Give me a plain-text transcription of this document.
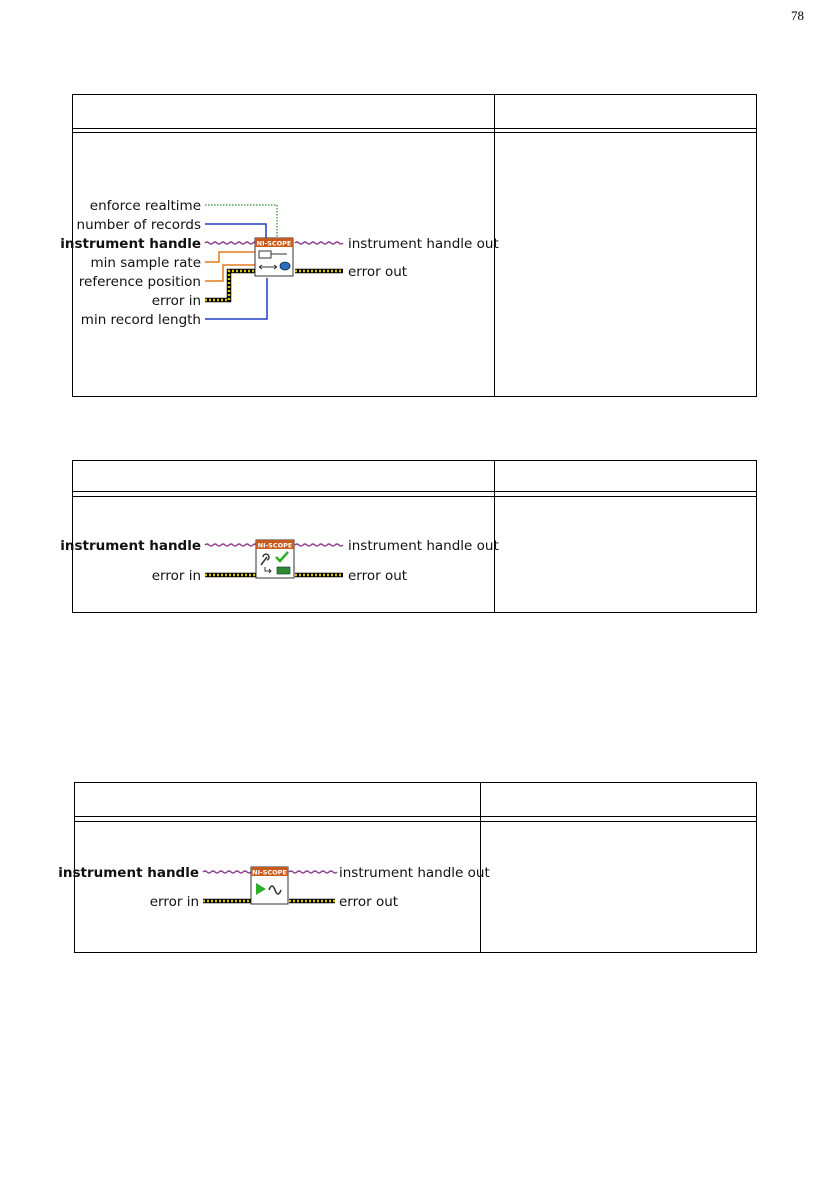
78
NI-SCOPE
enforce realtime
number of records
instrument handle
min sample rate
reference position
error in
min record length
instrument handle out
error out
NI-SCOPE
instrument handle
error in
instrument handle out
error out
NI-SCOPE
instrument handle
error in
instrument handle out
error out
